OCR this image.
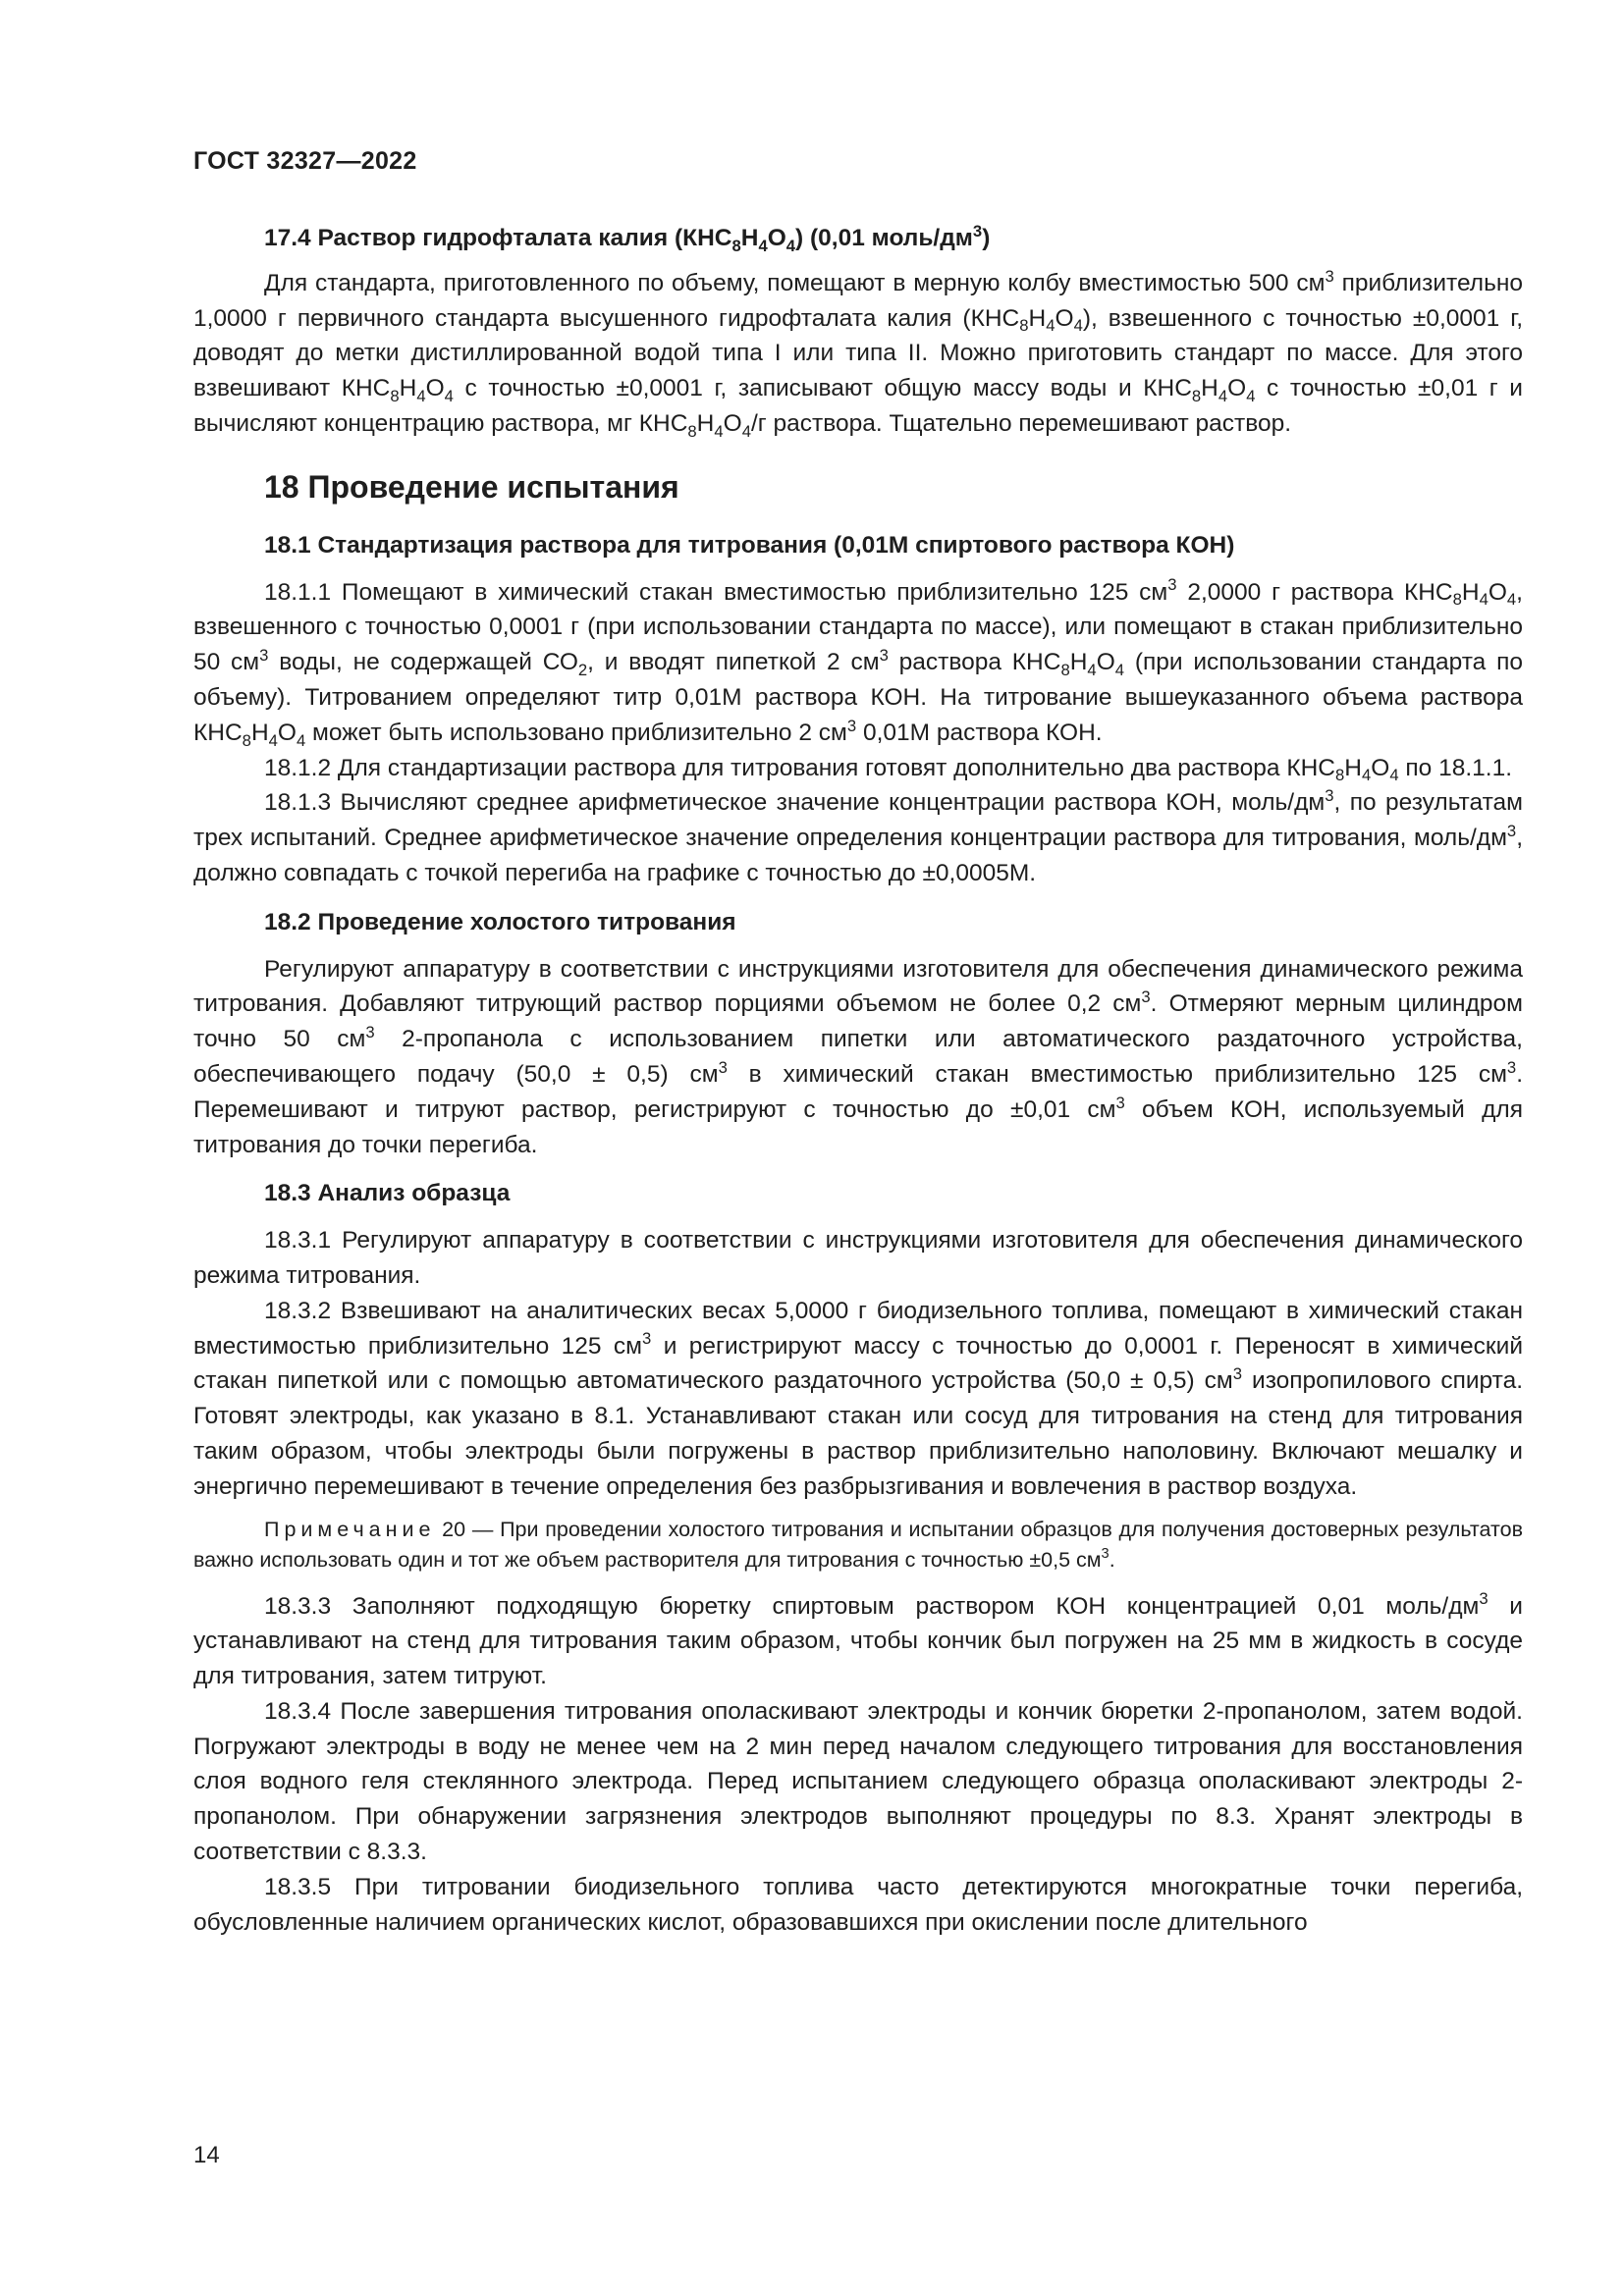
ГОСТ 32327—2022
17.4 Раствор гидрофталата калия $(КНС_8Н_4О_4)$ (0,01 моль/$дм^3$)

Для стандарта, приготовленного по объему, помещают в мерную колбу вместимостью 500 $см^3$ приблизительно 1,0000 г первичного стандарта высушенного гидрофталата калия $(КНС_8Н_4О_4)$, взвешенного с точностью ±0,0001 г, доводят до метки дистиллированной водой типа I или типа II. Можно приготовить стандарт по массе. Для этого взвешивают $КНС_8Н_4О_4$ с точностью ±0,0001 г, записывают общую массу воды и $КНС_8Н_4О_4$ с точностью ±0,01 г и вычисляют концентрацию раствора, мг $КНС_8Н_4О_4/г$ раствора. Тщательно перемешивают раствор.

18 Проведение испытания
18.1 Стандартизация раствора для титрования (0,01М спиртового раствора КОН)

18.1.1 Помещают в химический стакан вместимостью приблизительно 125 $см^3$ 2,0000 г раствора $КНС_8Н_4О_4$, взвешенного с точностью 0,0001 г (при использовании стандарта по массе), или помещают в стакан приблизительно 50 $см^3$ воды, не содержащей $СО_2$, и вводят пипеткой 2 $см^3$ раствора $КНС_8Н_4О_4$ (при использовании стандарта по объему). Титрованием определяют титр 0,01М раствора КОН. На титрование вышеуказанного объема раствора $КНС_8Н_4О_4$ может быть использовано приблизительно 2 $см^3$ 0,01М раствора КОН.

18.1.2 Для стандартизации раствора для титрования готовят дополнительно два раствора $КНС_8Н_4О_4$ по 18.1.1.

18.1.3 Вычисляют среднее арифметическое значение концентрации раствора КОН, моль/$дм^3$, по результатам трех испытаний. Среднее арифметическое значение определения концентрации раствора для титрования, моль/$дм^3$, должно совпадать с точкой перегиба на графике с точностью до ±0,0005М.

18.2 Проведение холостого титрования

Регулируют аппаратуру в соответствии с инструкциями изготовителя для обеспечения динамического режима титрования. Добавляют титрующий раствор порциями объемом не более 0,2 $см^3$. Отмеряют мерным цилиндром точно 50 $см^3$ 2-пропанола с использованием пипетки или автоматического раздаточного устройства, обеспечивающего подачу (50,0 ± 0,5) $см^3$ в химический стакан вместимостью приблизительно 125 $см^3$. Перемешивают и титруют раствор, регистрируют с точностью до ±0,01 $см^3$ объем КОН, используемый для титрования до точки перегиба.

18.3 Анализ образца

18.3.1 Регулируют аппаратуру в соответствии с инструкциями изготовителя для обеспечения динамического режима титрования.

18.3.2 Взвешивают на аналитических весах 5,0000 г биодизельного топлива, помещают в химический стакан вместимостью приблизительно 125 $см^3$ и регистрируют массу с точностью до 0,0001 г. Переносят в химический стакан пипеткой или с помощью автоматического раздаточного устройства (50,0 ± 0,5) $см^3$ изопропилового спирта. Готовят электроды, как указано в 8.1. Устанавливают стакан или сосуд для титрования на стенд для титрования таким образом, чтобы электроды были погружены в раствор приблизительно наполовину. Включают мешалку и энергично перемешивают в течение определения без разбрызгивания и вовлечения в раствор воздуха.

Примечание 20 — При проведении холостого титрования и испытании образцов для получения достоверных результатов важно использовать один и тот же объем растворителя для титрования с точностью ±0,5 $см^3$.

18.3.3 Заполняют подходящую бюретку спиртовым раствором КОН концентрацией 0,01 моль/$дм^3$ и устанавливают на стенд для титрования таким образом, чтобы кончик был погружен на 25 мм в жидкость в сосуде для титрования, затем титруют.

18.3.4 После завершения титрования ополаскивают электроды и кончик бюретки 2-пропанолом, затем водой. Погружают электроды в воду не менее чем на 2 мин перед началом следующего титрования для восстановления слоя водного геля стеклянного электрода. Перед испытанием следующего образца ополаскивают электроды 2-пропанолом. При обнаружении загрязнения электродов выполняют процедуры по 8.3. Хранят электроды в соответствии с 8.3.3.

18.3.5 При титровании биодизельного топлива часто детектируются многократные точки перегиба, обусловленные наличием органических кислот, образовавшихся при окислении после длительного

14
